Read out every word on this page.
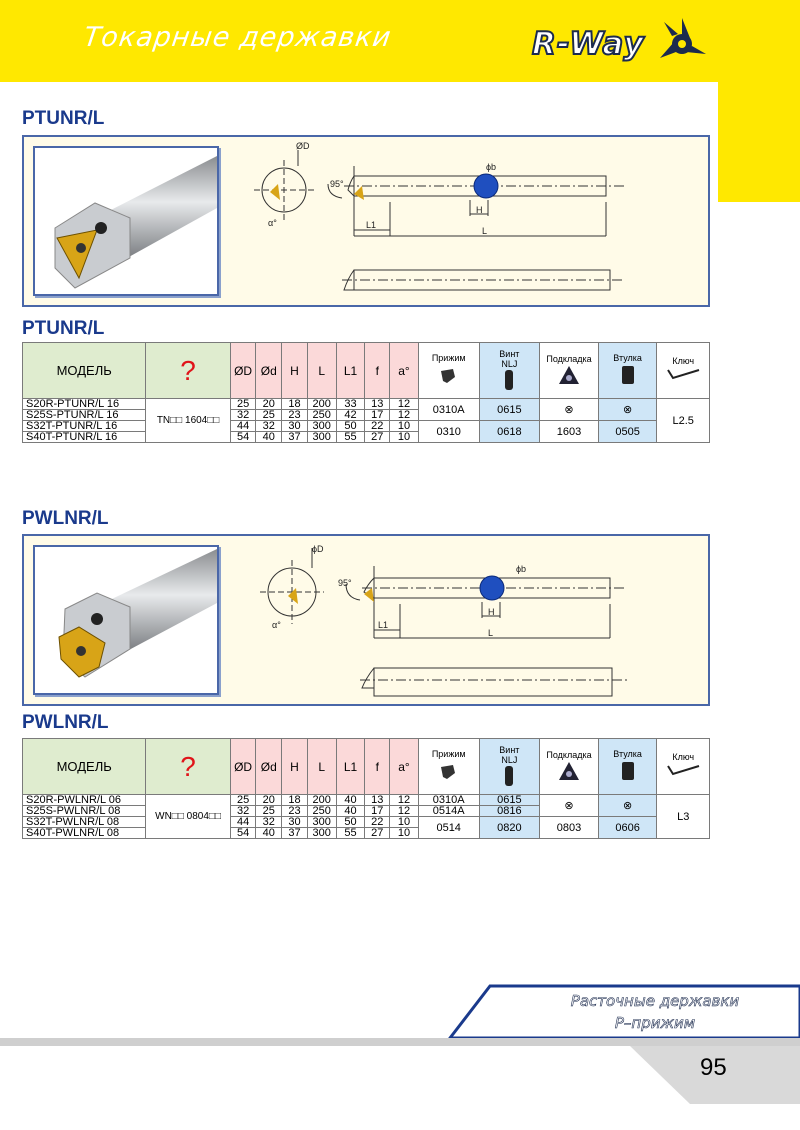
Токарные державки	R-Way
PTUNR/L
ØD
ϕb
95°
H
L1
L
α°
PTUNR/L
МОДЕЛЬ	?	ØD	Ød	H	L	L1	f	a°	Прижим	Винт NLJ	Подкладка	Втулка	Ключ

S20R-PTUNR/L 16	TN□□ 1604□□	25	20	18	200	33	13	12	0310A	0615	⊗	⊗	L2.5
S25S-PTUNR/L 16		32	25	23	250	42	17	12					
S32T-PTUNR/L 16		44	32	30	300	50	22	10	0310	0618	1603	0505	
S40T-PTUNR/L 16		54	40	37	300	55	27	10					
PWLNR/L
ϕD
ϕb
95°
H
L1
L
α°
PWLNR/L
МОДЕЛЬ	?	ØD	Ød	H	L	L1	f	a°	Прижим	Винт NLJ	Подкладка	Втулка	Ключ

S20R-PWLNR/L 06	WN□□ 0804□□	25	20	18	200	40	13	12	0310A	0615	⊗	⊗	L3
S25S-PWLNR/L 08		32	25	23	250	40	17	12	0514A	0816			
S32T-PWLNR/L 08		44	32	30	300	50	22	10	0514	0820	0803	0606	
S40T-PWLNR/L 08		54	40	37	300	55	27	10					
Расточные державки
P–прижим
95
